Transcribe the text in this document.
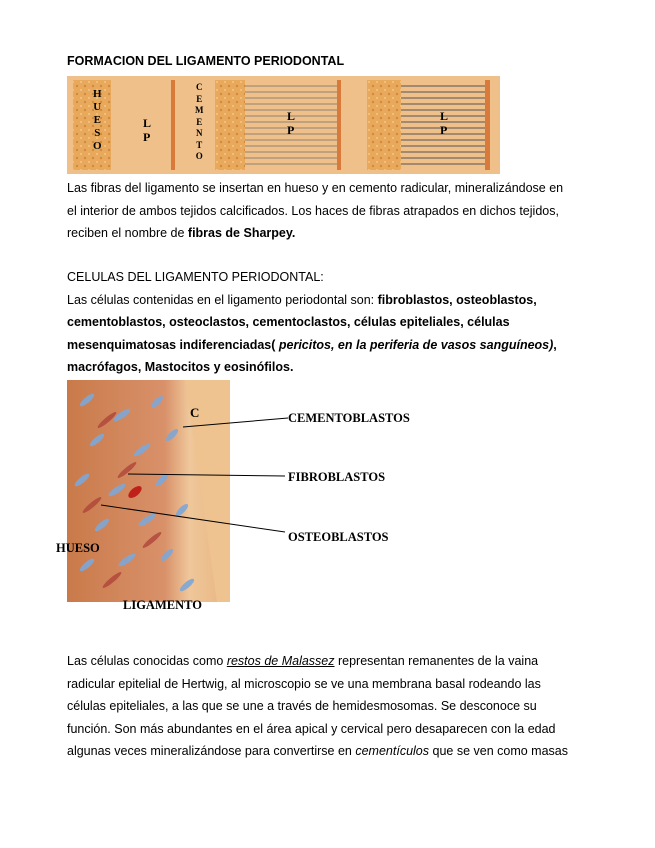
FORMACION DEL LIGAMENTO PERIODONTAL
H
U
E
S
O
L P
C
E
M
E
N
T
O
L P
L P
Las fibras del ligamento se insertan en hueso y en cemento radicular, mineralizándose en
el interior de ambos tejidos calcificados. Los haces de fibras atrapados en dichos tejidos,
reciben el nombre de fibras de Sharpey.
CELULAS DEL LIGAMENTO PERIODONTAL:
Las células contenidas en el ligamento periodontal son: fibroblastos, osteoblastos,
cementoblastos, osteoclastos, cementoclastos, células epiteliales, células
mesenquimatosas indiferenciadas( pericitos, en la periferia de vasos sanguíneos),
macrófagos, Mastocitos y eosinófilos.
C	CEMENTOBLASTOS
FIBROBLASTOS
OSTEOBLASTOS
HUESO
LIGAMENTO
Las células conocidas como restos de Malassez representan remanentes de la vaina
radicular epitelial de Hertwig, al microscopio se ve una membrana basal rodeando las
células epiteliales, a las que se une a través de hemidesmosomas. Se desconoce su
función. Son más abundantes en el área apical y cervical pero desaparecen con la edad
algunas veces mineralizándose para convertirse en cementículos que se ven como masas
